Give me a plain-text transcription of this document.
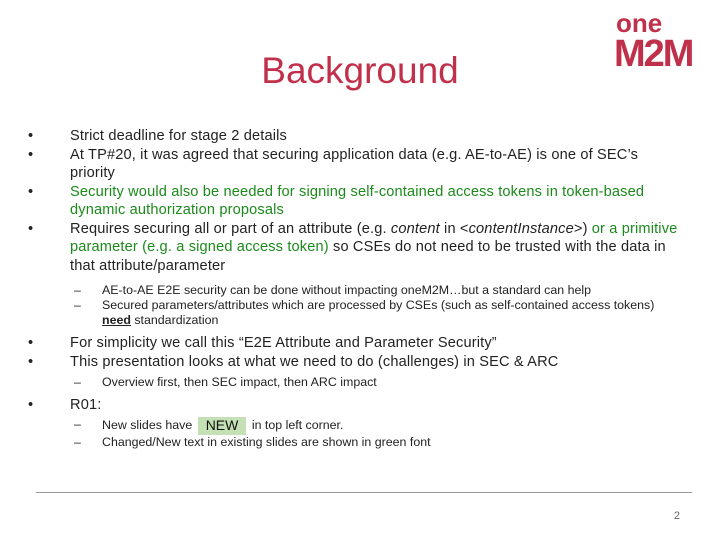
Background
one
M2M
•	Strict deadline for stage 2 details
•	At TP#20, it was agreed that securing application data (e.g. AE-to-AE) is one of SEC’s priority
•	Security would also be needed for signing self-contained access tokens in token-based dynamic authorization proposals
•	Requires securing all or part of an attribute (e.g. content in <contentInstance>) or a primitive parameter (e.g. a signed access token) so CSEs do not need to be trusted with the data in that attribute/parameter
– AE-to-AE E2E security can be done without impacting oneM2M…but a standard can help
– Secured parameters/attributes which are processed by CSEs (such as self-contained access tokens) need standardization
•	For simplicity we call this “E2E Attribute and Parameter Security”
•	This presentation looks at what we need to do (challenges) in SEC & ARC
– Overview first, then SEC impact, then ARC impact
•	R01:
– New slides have NEW in top left corner.
– Changed/New text in existing slides are shown in green font
2
